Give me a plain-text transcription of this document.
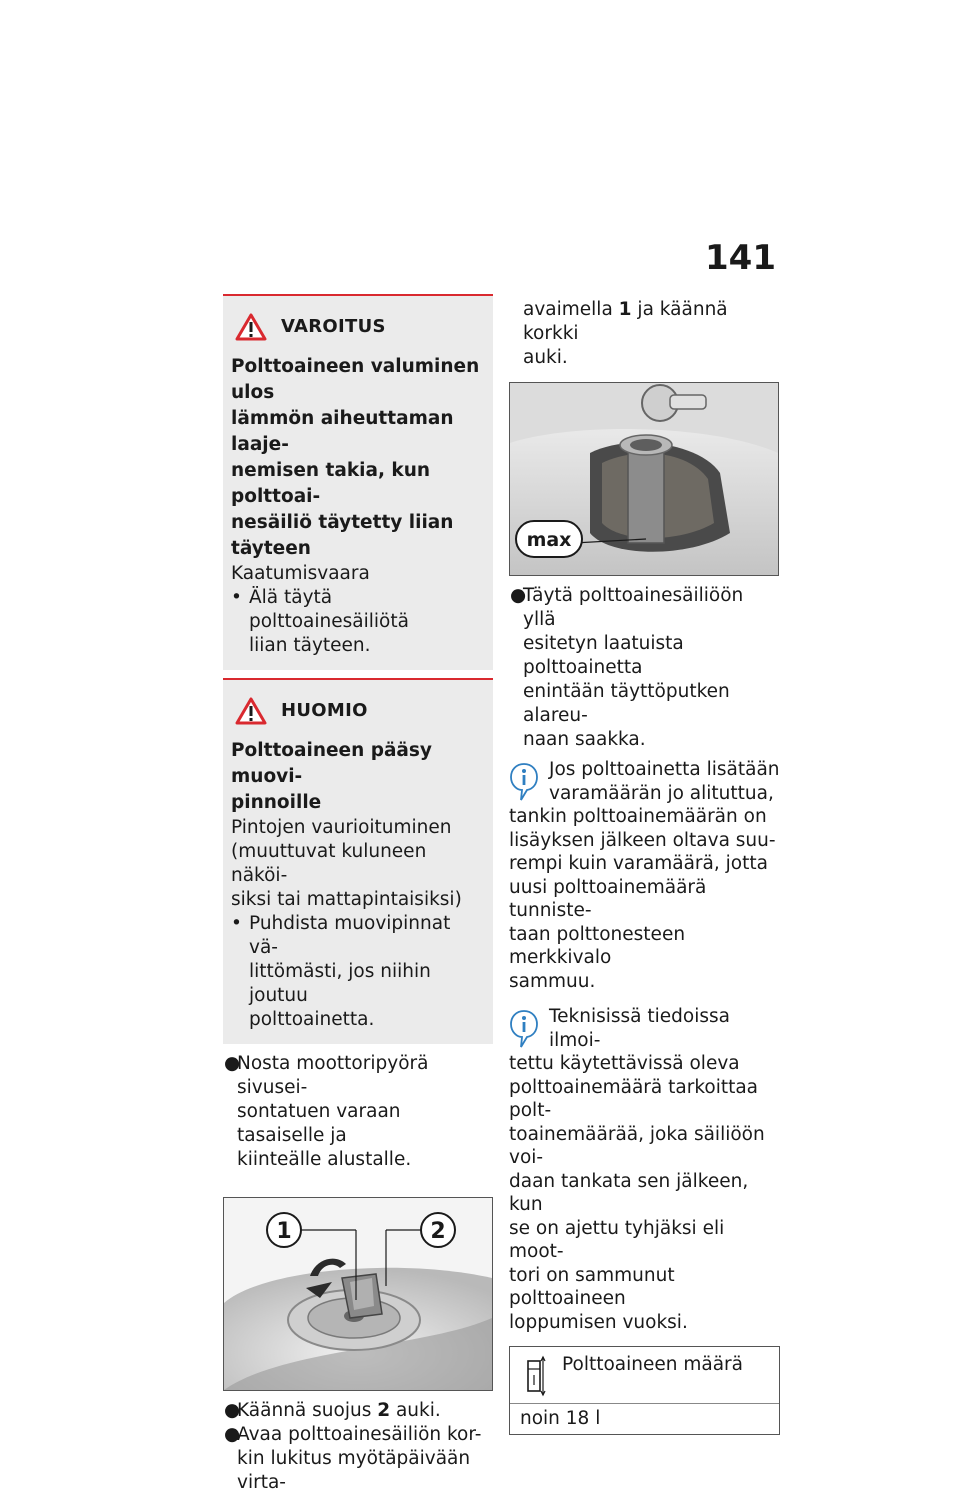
141
VAROITUS
Polttoaineen valuminen ulos
lämmön aiheuttaman laaje-
nemisen takia, kun polttoai-
nesäiliö täytetty liian täyteen
Kaatumisvaara
• Älä täytä polttoainesäiliötä
liian täyteen.
HUOMIO
Polttoaineen pääsy muovi-
pinnoille
Pintojen vaurioituminen
(muuttuvat kuluneen näköi-
siksi tai mattapintaisiksi)
• Puhdista muovipinnat vä-
littömästi, jos niihin joutuu
polttoainetta.
●
Nosta moottoripyörä sivusei-
sontatuen varaan tasaiselle ja
kiinteälle alustalle.
1	2
●
Käännä suojus 2 auki.
●
Avaa polttoainesäiliön kor-
kin lukitus myötäpäivään virta-
avaimella 1 ja käännä korkki
auki.
max
●
Täytä polttoainesäiliöön yllä
esitetyn laatuista polttoainetta
enintään täyttöputken alareu-
naan saakka.
Jos polttoainetta lisätään
varamäärän jo alituttua,
tankin polttoainemäärän on
lisäyksen jälkeen oltava suu-
rempi kuin varamäärä, jotta
uusi polttoainemäärä tunniste-
taan polttonesteen merkkivalo
sammuu.
Teknisissä tiedoissa ilmoi-
tettu käytettävissä oleva
polttoainemäärä tarkoittaa polt-
toainemäärää, joka säiliöön voi-
daan tankata sen jälkeen, kun
se on ajettu tyhjäksi eli moot-
tori on sammunut polttoaineen
loppumisen vuoksi.
Polttoaineen määrä
noin 18 l
